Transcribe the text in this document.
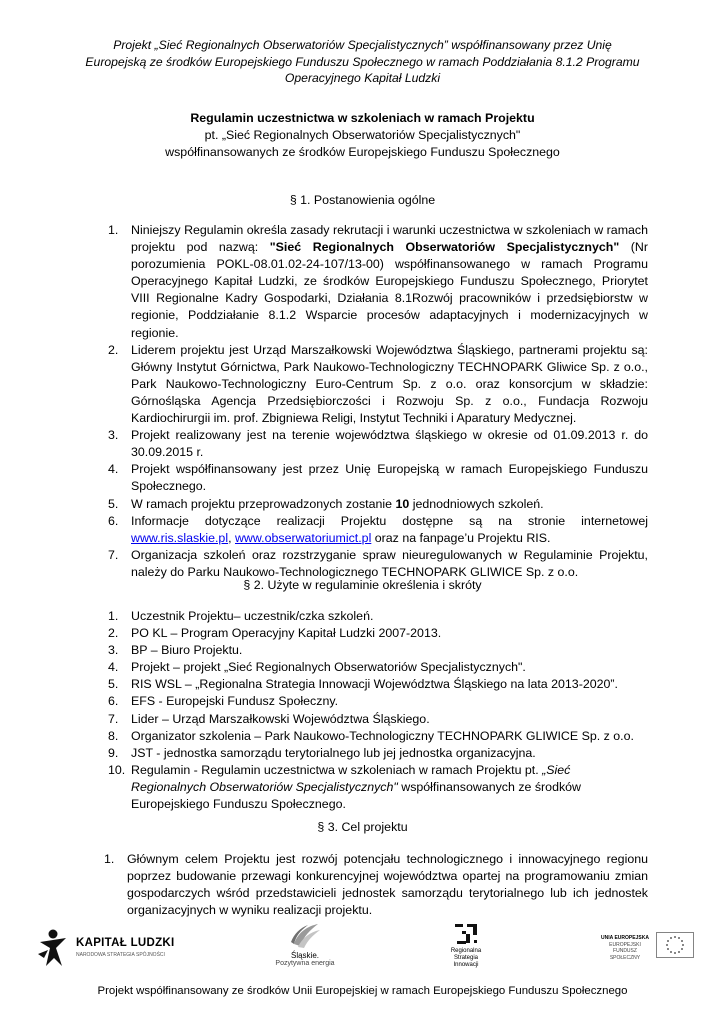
Projekt „Sieć Regionalnych Obserwatoriów Specjalistycznych” współfinansowany przez Unię
Europejską ze środków Europejskiego Funduszu Społecznego w ramach Poddziałania 8.1.2 Programu
Operacyjnego Kapitał Ludzki
Regulamin uczestnictwa w szkoleniach w ramach Projektu
pt. „Sieć Regionalnych Obserwatoriów Specjalistycznych"
współfinansowanych ze środków Europejskiego Funduszu Społecznego
§ 1. Postanowienia ogólne
1. Niniejszy Regulamin określa zasady rekrutacji i warunki uczestnictwa w szkoleniach w ramach projektu pod nazwą: "Sieć Regionalnych Obserwatoriów Specjalistycznych" (Nr porozumienia POKL-08.01.02-24-107/13-00) współfinansowanego w ramach Programu Operacyjnego Kapitał Ludzki, ze środków Europejskiego Funduszu Społecznego, Priorytet VIII Regionalne Kadry Gospodarki, Działania 8.1Rozwój pracowników i przedsiębiorstw w regionie, Poddziałanie 8.1.2 Wsparcie procesów adaptacyjnych i modernizacyjnych w regionie.
2. Liderem projektu jest Urząd Marszałkowski Województwa Śląskiego, partnerami projektu są: Główny Instytut Górnictwa, Park Naukowo-Technologiczny TECHNOPARK Gliwice Sp. z o.o., Park Naukowo-Technologiczny Euro-Centrum Sp. z o.o. oraz konsorcjum w składzie: Górnośląska Agencja Przedsiębiorczości i Rozwoju Sp. z o.o., Fundacja Rozwoju Kardiochirurgii im. prof. Zbigniewa Religi, Instytut Techniki i Aparatury Medycznej.
3. Projekt realizowany jest na terenie województwa śląskiego w okresie od 01.09.2013 r. do 30.09.2015 r.
4. Projekt współfinansowany jest przez Unię Europejską w ramach Europejskiego Funduszu Społecznego.
5. W ramach projektu przeprowadzonych zostanie 10 jednodniowych szkoleń.
6. Informacje dotyczące realizacji Projektu dostępne są na stronie internetowej www.ris.slaskie.pl, www.obserwatoriumict.pl oraz na fanpage’u Projektu RIS.
7. Organizacja szkoleń oraz rozstrzyganie spraw nieuregulowanych w Regulaminie Projektu, należy do Parku Naukowo-Technologicznego TECHNOPARK GLIWICE Sp. z o.o.
§ 2. Użyte w regulaminie określenia i skróty
1. Uczestnik Projektu– uczestnik/czka szkoleń.
2. PO KL – Program Operacyjny Kapitał Ludzki 2007-2013.
3. BP – Biuro Projektu.
4. Projekt – projekt „Sieć Regionalnych Obserwatoriów Specjalistycznych".
5. RIS WSL – „Regionalna Strategia Innowacji Województwa Śląskiego na lata 2013-2020”.
6. EFS - Europejski Fundusz Społeczny.
7. Lider – Urząd Marszałkowski Województwa Śląskiego.
8. Organizator szkolenia – Park Naukowo-Technologiczny TECHNOPARK GLIWICE Sp. z o.o.
9. JST - jednostka samorządu terytorialnego lub jej jednostka organizacyjna.
10. Regulamin - Regulamin uczestnictwa w szkoleniach w ramach Projektu pt. „Sieć Regionalnych Obserwatoriów Specjalistycznych" współfinansowanych ze środków Europejskiego Funduszu Społecznego.
§ 3. Cel projektu
1. Głównym celem Projektu jest rozwój potencjału technologicznego i innowacyjnego regionu poprzez budowanie przewagi konkurencyjnej województwa opartej na programowaniu zmian gospodarczych wśród przedstawicieli jednostek samorządu terytorialnego lub ich jednostek organizacyjnych w wyniku realizacji projektu.
KAPITAŁ LUDZKI
NARODOWA STRATEGIA SPÓJNOŚCI	Śląskie.
Pozytywna energia
Regionalna
Strategia
Innowacji
UNIA EUROPEJSKA
EUROPEJSKI
FUNDUSZ SPOŁECZNY
Projekt współfinansowany ze środków Unii Europejskiej w ramach Europejskiego Funduszu Społecznego
